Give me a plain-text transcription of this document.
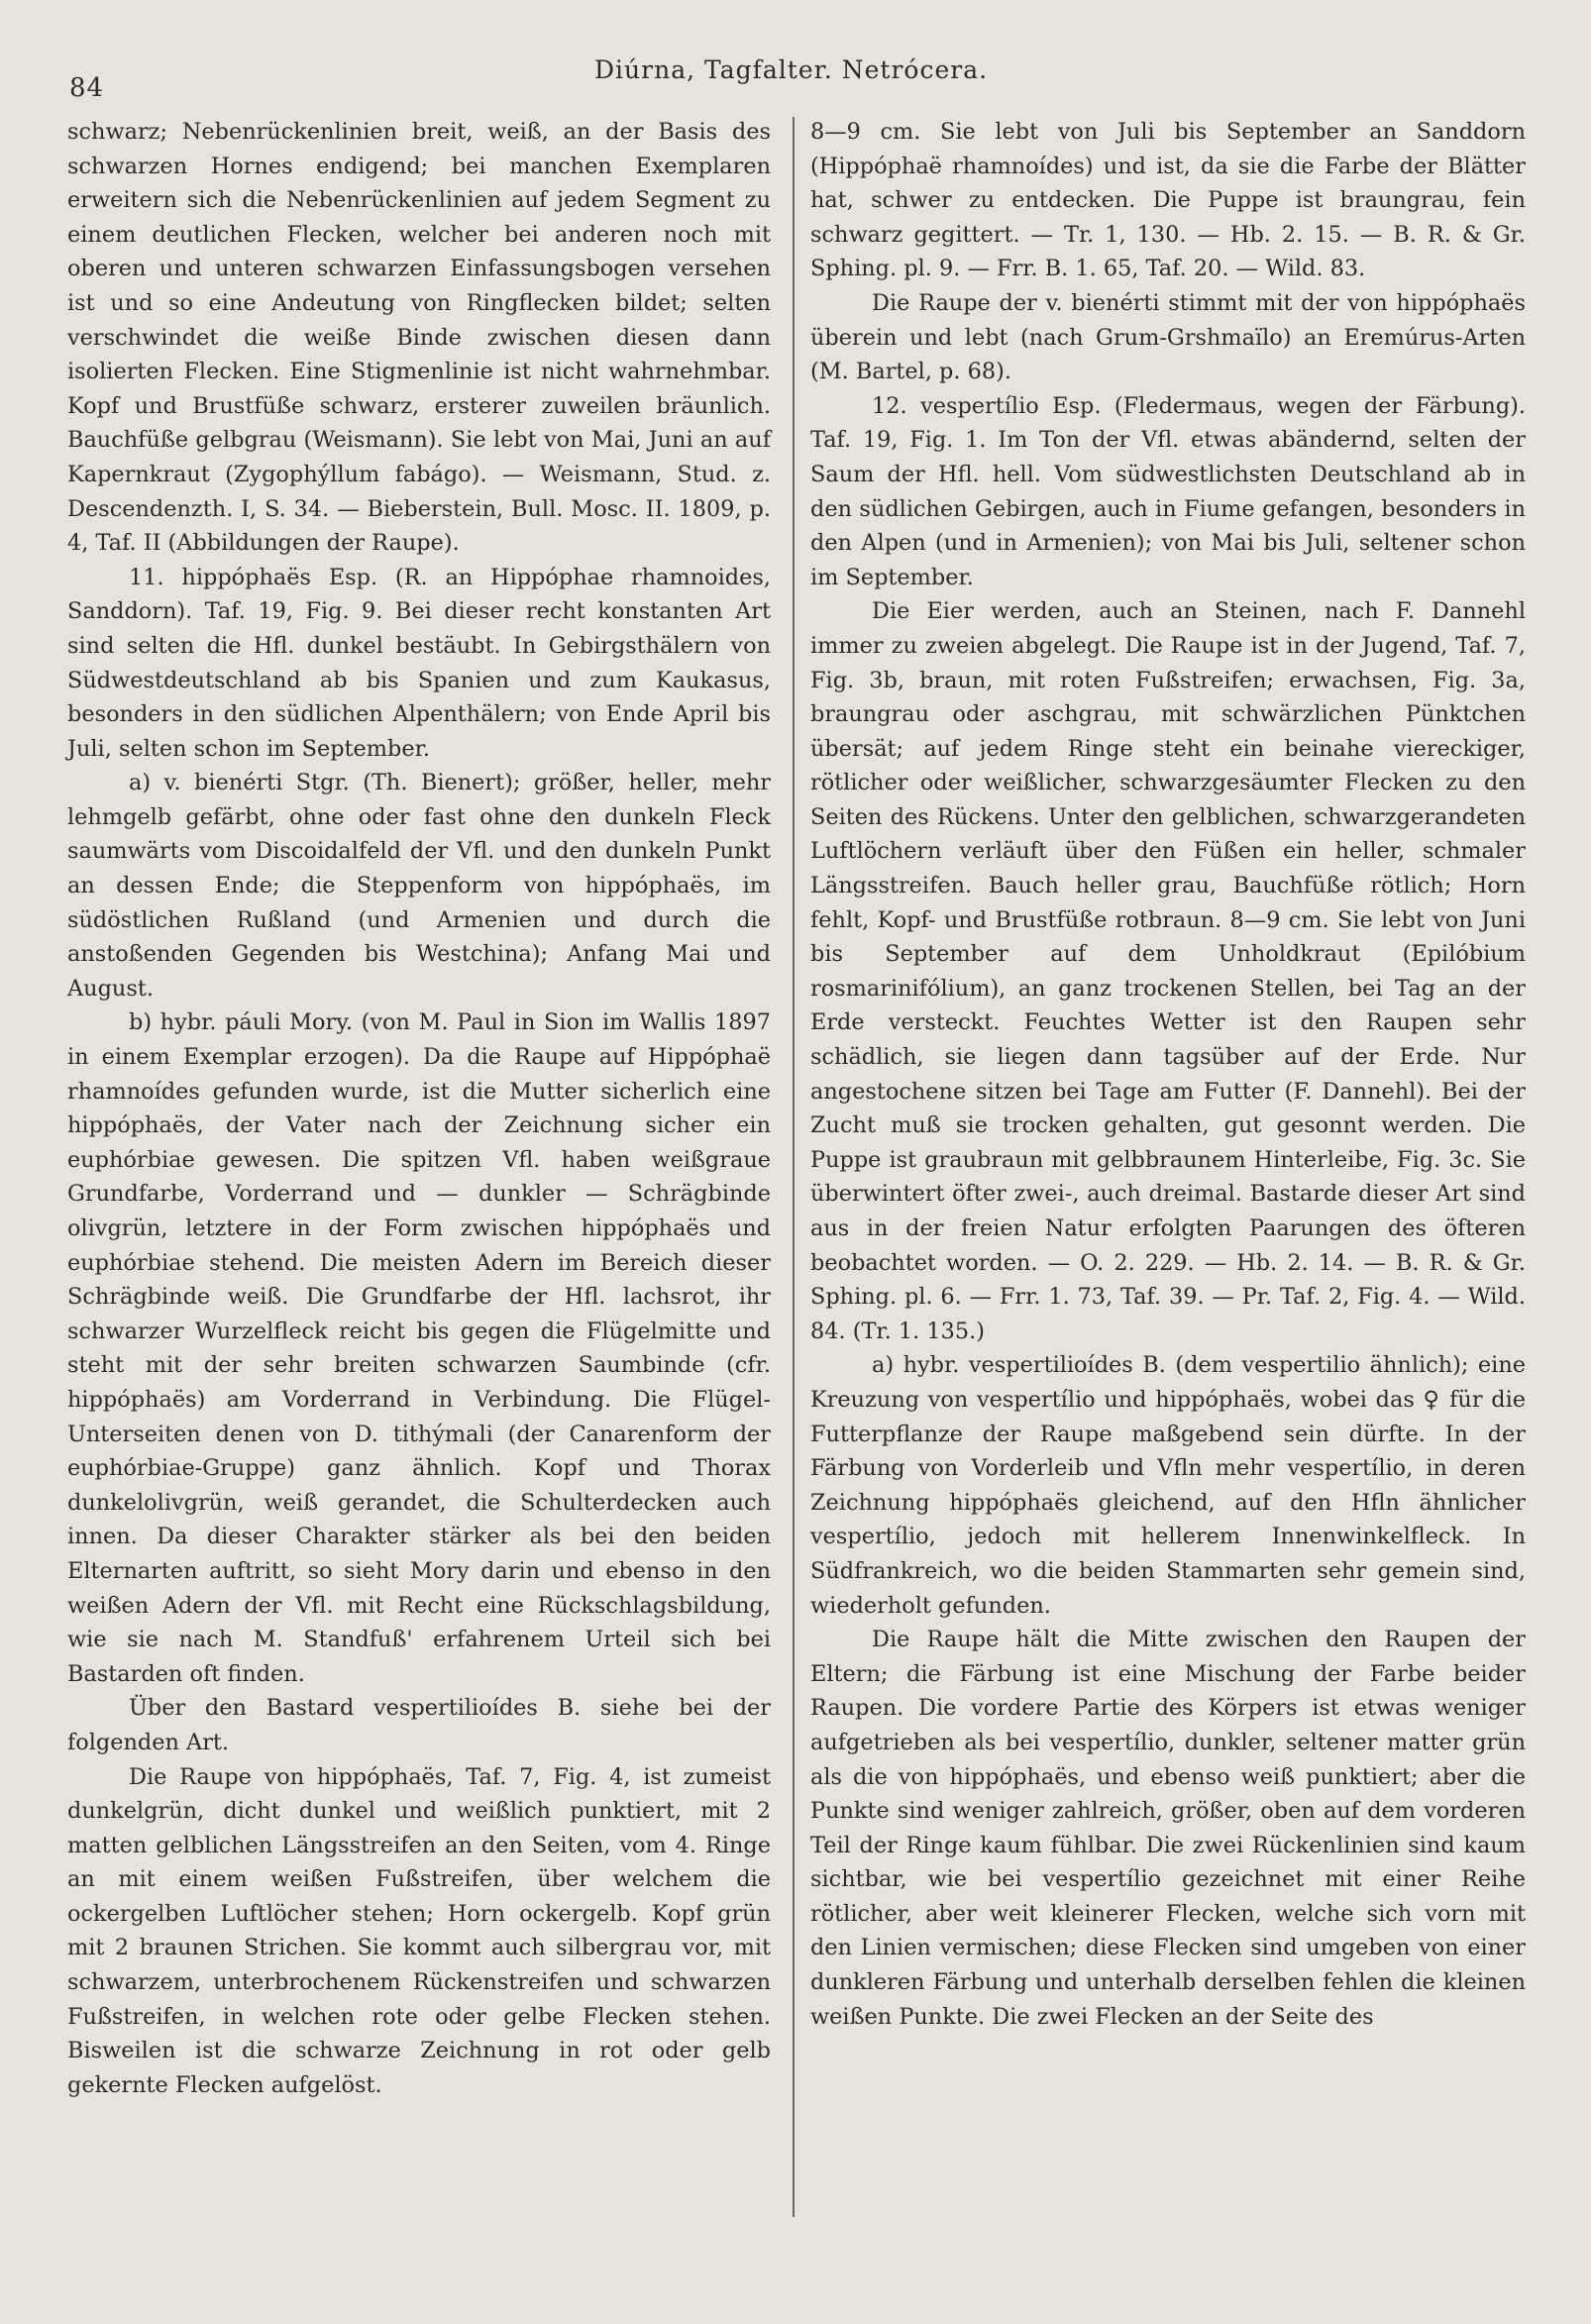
84
Diúrna, Tagfalter. Netrócera.

schwarz; Nebenrückenlinien breit, weiß, an der Basis des schwarzen Hornes endigend; bei manchen Exemplaren erweitern sich die Nebenrückenlinien auf jedem Segment zu einem deutlichen Flecken, welcher bei anderen noch mit oberen und unteren schwarzen Einfassungsbogen versehen ist und so eine Andeutung von Ringflecken bildet; selten verschwindet die weiße Binde zwischen diesen dann isolierten Flecken. Eine Stigmenlinie ist nicht wahrnehmbar. Kopf und Brustfüße schwarz, ersterer zuweilen bräunlich. Bauchfüße gelbgrau (Weismann). Sie lebt von Mai, Juni an auf Kapernkraut (Zygophýllum fabágo). — Weismann, Stud. z. Descendenzth. I, S. 34. — Bieberstein, Bull. Mosc. II. 1809, p. 4, Taf. II (Abbildungen der Raupe).

11. hippóphaës Esp. (R. an Hippóphae rhamnoides, Sanddorn). Taf. 19, Fig. 9. Bei dieser recht konstanten Art sind selten die Hfl. dunkel bestäubt. In Gebirgsthälern von Südwestdeutschland ab bis Spanien und zum Kaukasus, besonders in den südlichen Alpenthälern; von Ende April bis Juli, selten schon im September.

a) v. bienérti Stgr. (Th. Bienert); größer, heller, mehr lehmgelb gefärbt, ohne oder fast ohne den dunkeln Fleck saumwärts vom Discoidalfeld der Vfl. und den dunkeln Punkt an dessen Ende; die Steppenform von hippóphaës, im südöstlichen Rußland (und Armenien und durch die anstoßenden Gegenden bis Westchina); Anfang Mai und August.

b) hybr. páuli Mory. (von M. Paul in Sion im Wallis 1897 in einem Exemplar erzogen). Da die Raupe auf Hippóphaë rhamnoídes gefunden wurde, ist die Mutter sicherlich eine hippóphaës, der Vater nach der Zeichnung sicher ein euphórbiae gewesen. Die spitzen Vfl. haben weißgraue Grundfarbe, Vorderrand und — dunkler — Schrägbinde olivgrün, letztere in der Form zwischen hippóphaës und euphórbiae stehend. Die meisten Adern im Bereich dieser Schrägbinde weiß. Die Grundfarbe der Hfl. lachsrot, ihr schwarzer Wurzelfleck reicht bis gegen die Flügelmitte und steht mit der sehr breiten schwarzen Saumbinde (cfr. hippóphaës) am Vorderrand in Verbindung. Die Flügel-Unterseiten denen von D. tithýmali (der Canarenform der euphórbiae-Gruppe) ganz ähnlich. Kopf und Thorax dunkelolivgrün, weiß gerandet, die Schulterdecken auch innen. Da dieser Charakter stärker als bei den beiden Elternarten auftritt, so sieht Mory darin und ebenso in den weißen Adern der Vfl. mit Recht eine Rückschlagsbildung, wie sie nach M. Standfuß' erfahrenem Urteil sich bei Bastarden oft finden.

Über den Bastard vespertilioídes B. siehe bei der folgenden Art.

Die Raupe von hippóphaës, Taf. 7, Fig. 4, ist zumeist dunkelgrün, dicht dunkel und weißlich punktiert, mit 2 matten gelblichen Längsstreifen an den Seiten, vom 4. Ringe an mit einem weißen Fußstreifen, über welchem die ockergelben Luftlöcher stehen; Horn ockergelb. Kopf grün mit 2 braunen Strichen. Sie kommt auch silbergrau vor, mit schwarzem, unterbrochenem Rückenstreifen und schwarzen Fußstreifen, in welchen rote oder gelbe Flecken stehen. Bisweilen ist die schwarze Zeichnung in rot oder gelb gekernte Flecken aufgelöst.

8—9 cm. Sie lebt von Juli bis September an Sanddorn (Hippóphaë rhamnoídes) und ist, da sie die Farbe der Blätter hat, schwer zu entdecken. Die Puppe ist braungrau, fein schwarz gegittert. — Tr. 1, 130. — Hb. 2. 15. — B. R. & Gr. Sphing. pl. 9. — Frr. B. 1. 65, Taf. 20. — Wild. 83.

Die Raupe der v. bienérti stimmt mit der von hippóphaës überein und lebt (nach Grum-Grshmaïlo) an Eremúrus-Arten (M. Bartel, p. 68).

12. vespertílio Esp. (Fledermaus, wegen der Färbung). Taf. 19, Fig. 1. Im Ton der Vfl. etwas abändernd, selten der Saum der Hfl. hell. Vom südwestlichsten Deutschland ab in den südlichen Gebirgen, auch in Fiume gefangen, besonders in den Alpen (und in Armenien); von Mai bis Juli, seltener schon im September.

Die Eier werden, auch an Steinen, nach F. Dannehl immer zu zweien abgelegt. Die Raupe ist in der Jugend, Taf. 7, Fig. 3b, braun, mit roten Fußstreifen; erwachsen, Fig. 3a, braungrau oder aschgrau, mit schwärzlichen Pünktchen übersät; auf jedem Ringe steht ein beinahe viereckiger, rötlicher oder weißlicher, schwarzgesäumter Flecken zu den Seiten des Rückens. Unter den gelblichen, schwarzgerandeten Luftlöchern verläuft über den Füßen ein heller, schmaler Längsstreifen. Bauch heller grau, Bauchfüße rötlich; Horn fehlt, Kopf- und Brustfüße rotbraun. 8—9 cm. Sie lebt von Juni bis September auf dem Unholdkraut (Epilóbium rosmarinifólium), an ganz trockenen Stellen, bei Tag an der Erde versteckt. Feuchtes Wetter ist den Raupen sehr schädlich, sie liegen dann tagsüber auf der Erde. Nur angestochene sitzen bei Tage am Futter (F. Dannehl). Bei der Zucht muß sie trocken gehalten, gut gesonnt werden. Die Puppe ist graubraun mit gelbbraunem Hinterleibe, Fig. 3c. Sie überwintert öfter zwei-, auch dreimal. Bastarde dieser Art sind aus in der freien Natur erfolgten Paarungen des öfteren beobachtet worden. — O. 2. 229. — Hb. 2. 14. — B. R. & Gr. Sphing. pl. 6. — Frr. 1. 73, Taf. 39. — Pr. Taf. 2, Fig. 4. — Wild. 84. (Tr. 1. 135.)

a) hybr. vespertilioídes B. (dem vespertilio ähnlich); eine Kreuzung von vespertílio und hippóphaës, wobei das ♀ für die Futterpflanze der Raupe maßgebend sein dürfte. In der Färbung von Vorderleib und Vfln mehr vespertílio, in deren Zeichnung hippóphaës gleichend, auf den Hfln ähnlicher vespertílio, jedoch mit hellerem Innenwinkelfleck. In Südfrankreich, wo die beiden Stammarten sehr gemein sind, wiederholt gefunden.

Die Raupe hält die Mitte zwischen den Raupen der Eltern; die Färbung ist eine Mischung der Farbe beider Raupen. Die vordere Partie des Körpers ist etwas weniger aufgetrieben als bei vespertílio, dunkler, seltener matter grün als die von hippóphaës, und ebenso weiß punktiert; aber die Punkte sind weniger zahlreich, größer, oben auf dem vorderen Teil der Ringe kaum fühlbar. Die zwei Rückenlinien sind kaum sichtbar, wie bei vespertílio gezeichnet mit einer Reihe rötlicher, aber weit kleinerer Flecken, welche sich vorn mit den Linien vermischen; diese Flecken sind umgeben von einer dunkleren Färbung und unterhalb derselben fehlen die kleinen weißen Punkte. Die zwei Flecken an der Seite des
